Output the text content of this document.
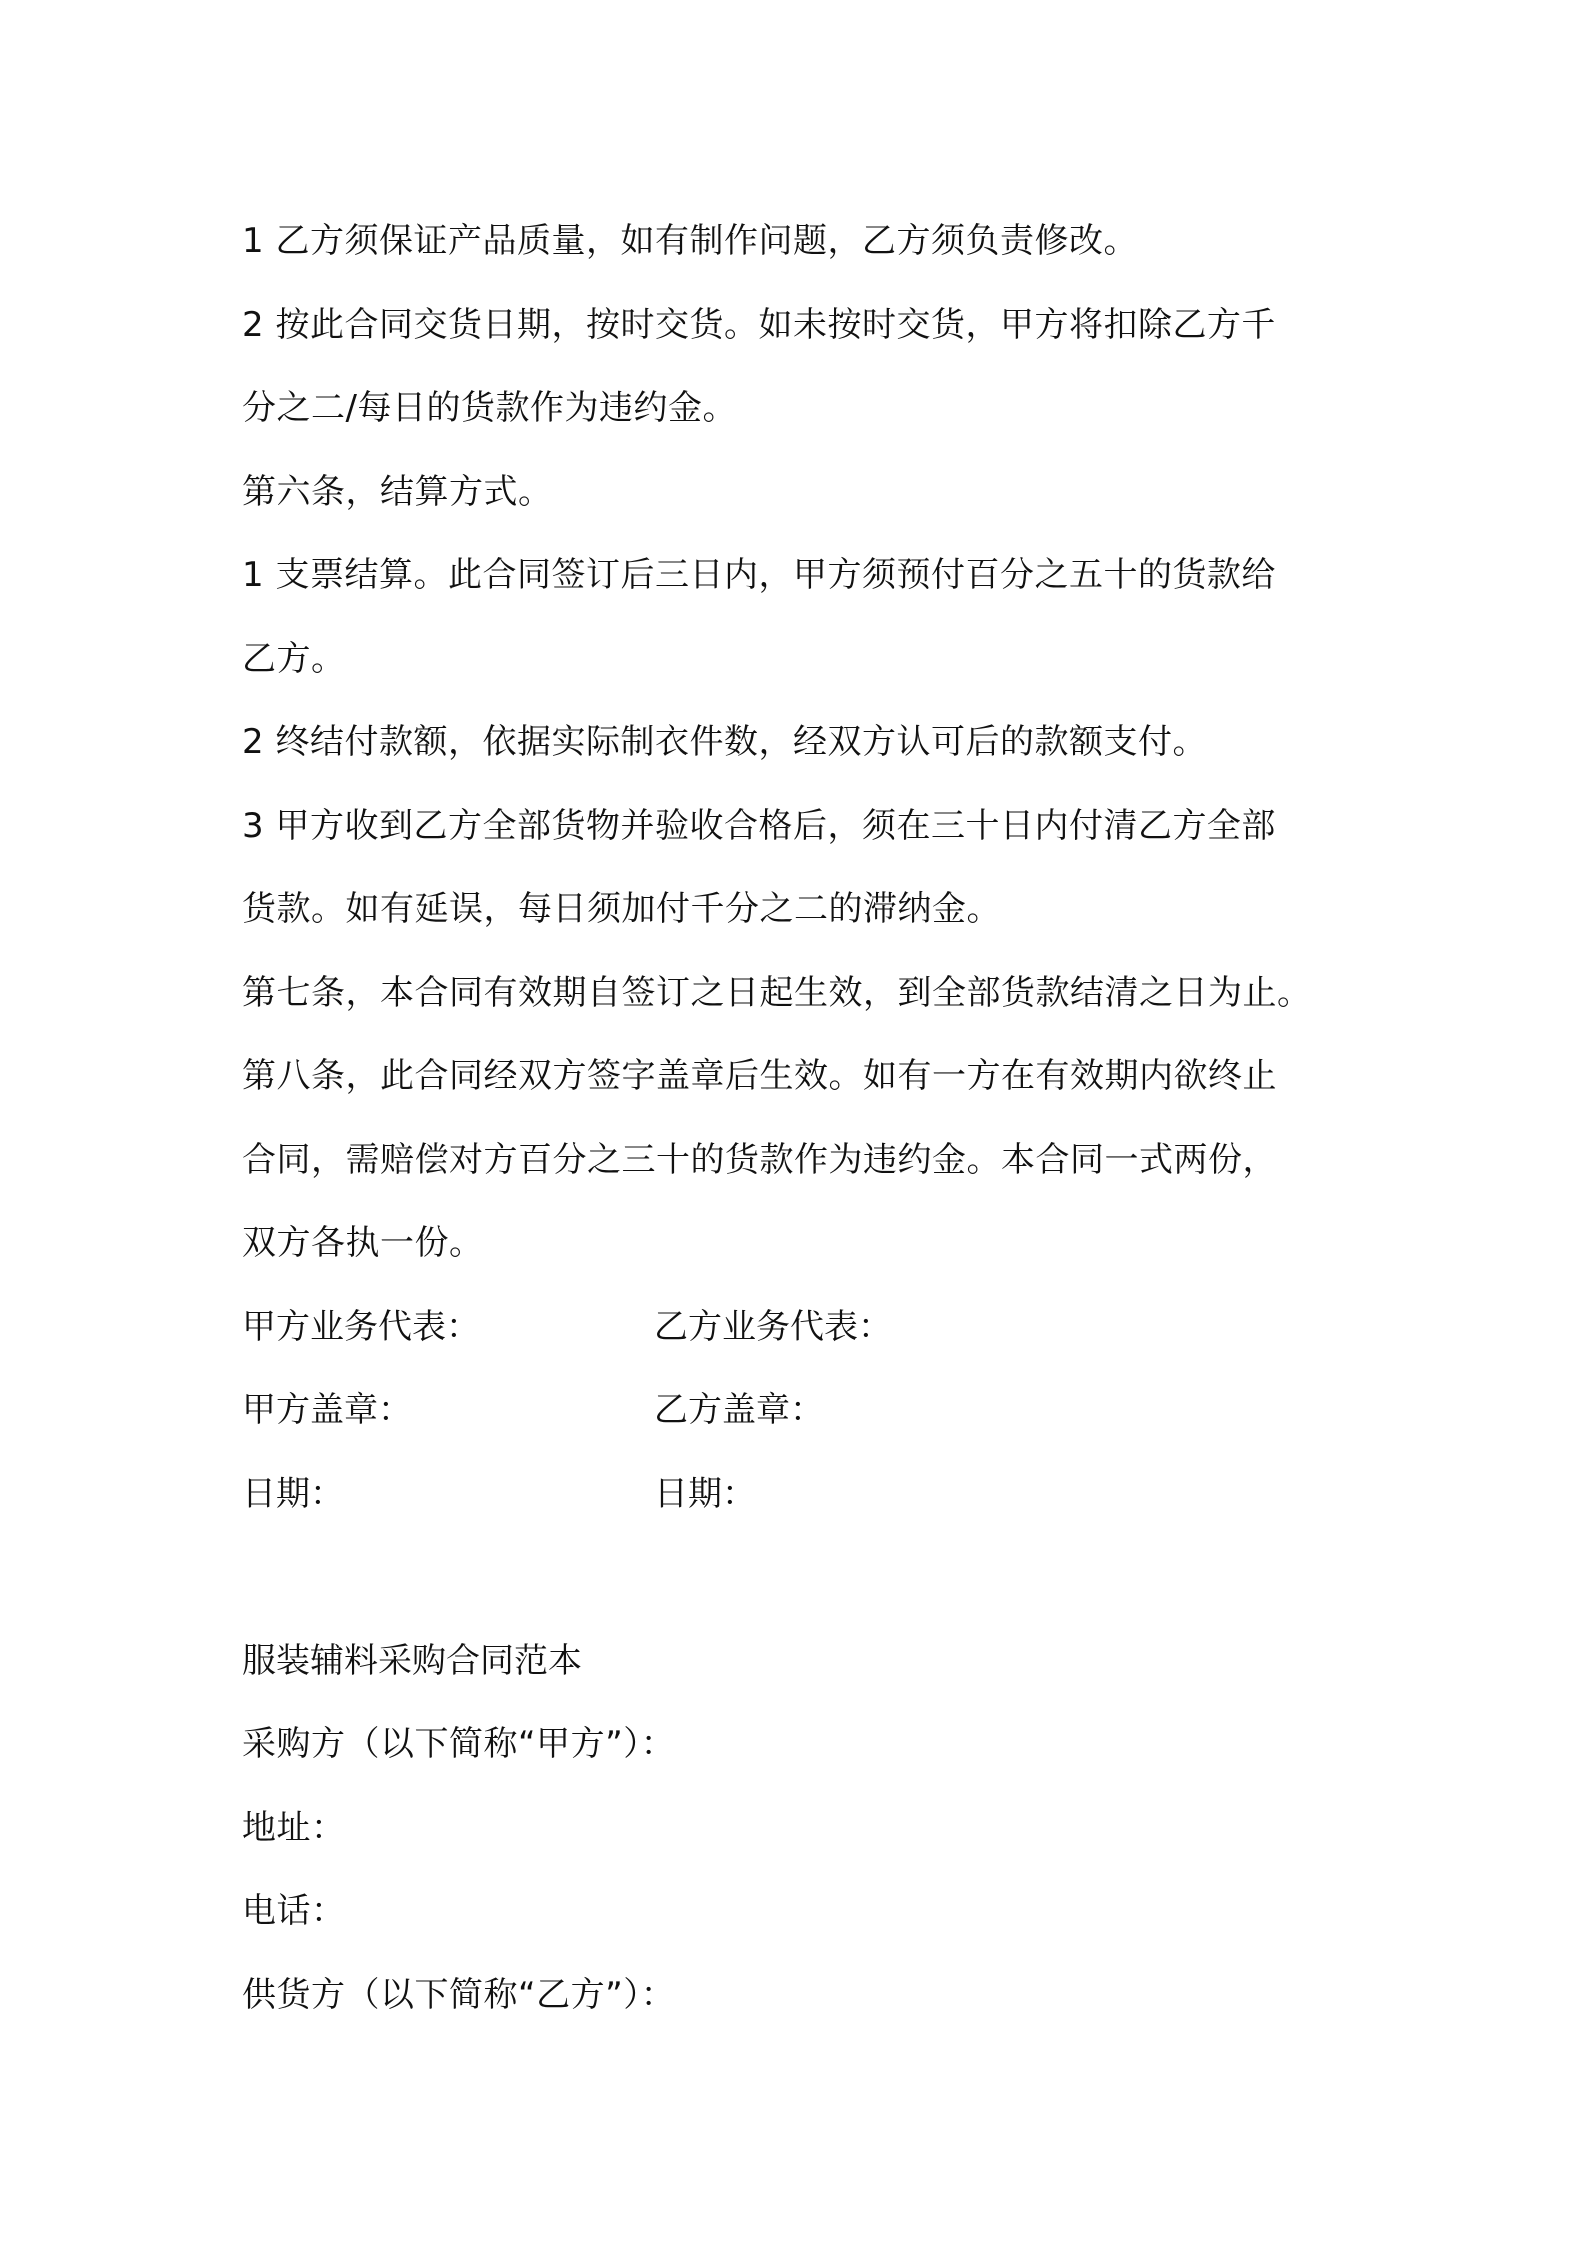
1 乙方须保证产品质量，如有制作问题，乙方须负责修改。
2 按此合同交货日期，按时交货。如未按时交货，甲方将扣除乙方千
分之二/每日的货款作为违约金。
第六条，结算方式。
1 支票结算。此合同签订后三日内，甲方须预付百分之五十的货款给
乙方。
2 终结付款额，依据实际制衣件数，经双方认可后的款额支付。
3 甲方收到乙方全部货物并验收合格后，须在三十日内付清乙方全部
货款。如有延误，每日须加付千分之二的滞纳金。
第七条，本合同有效期自签订之日起生效，到全部货款结清之日为止。
第八条，此合同经双方签字盖章后生效。如有一方在有效期内欲终止
合同，需赔偿对方百分之三十的货款作为违约金。本合同一式两份，
双方各执一份。
甲方业务代表：	乙方业务代表：
甲方盖章：	乙方盖章：
日期：	日期：
服装辅料采购合同范本
采购方（以下简称“甲方”）：
地址：
电话：
供货方（以下简称“乙方”）：
